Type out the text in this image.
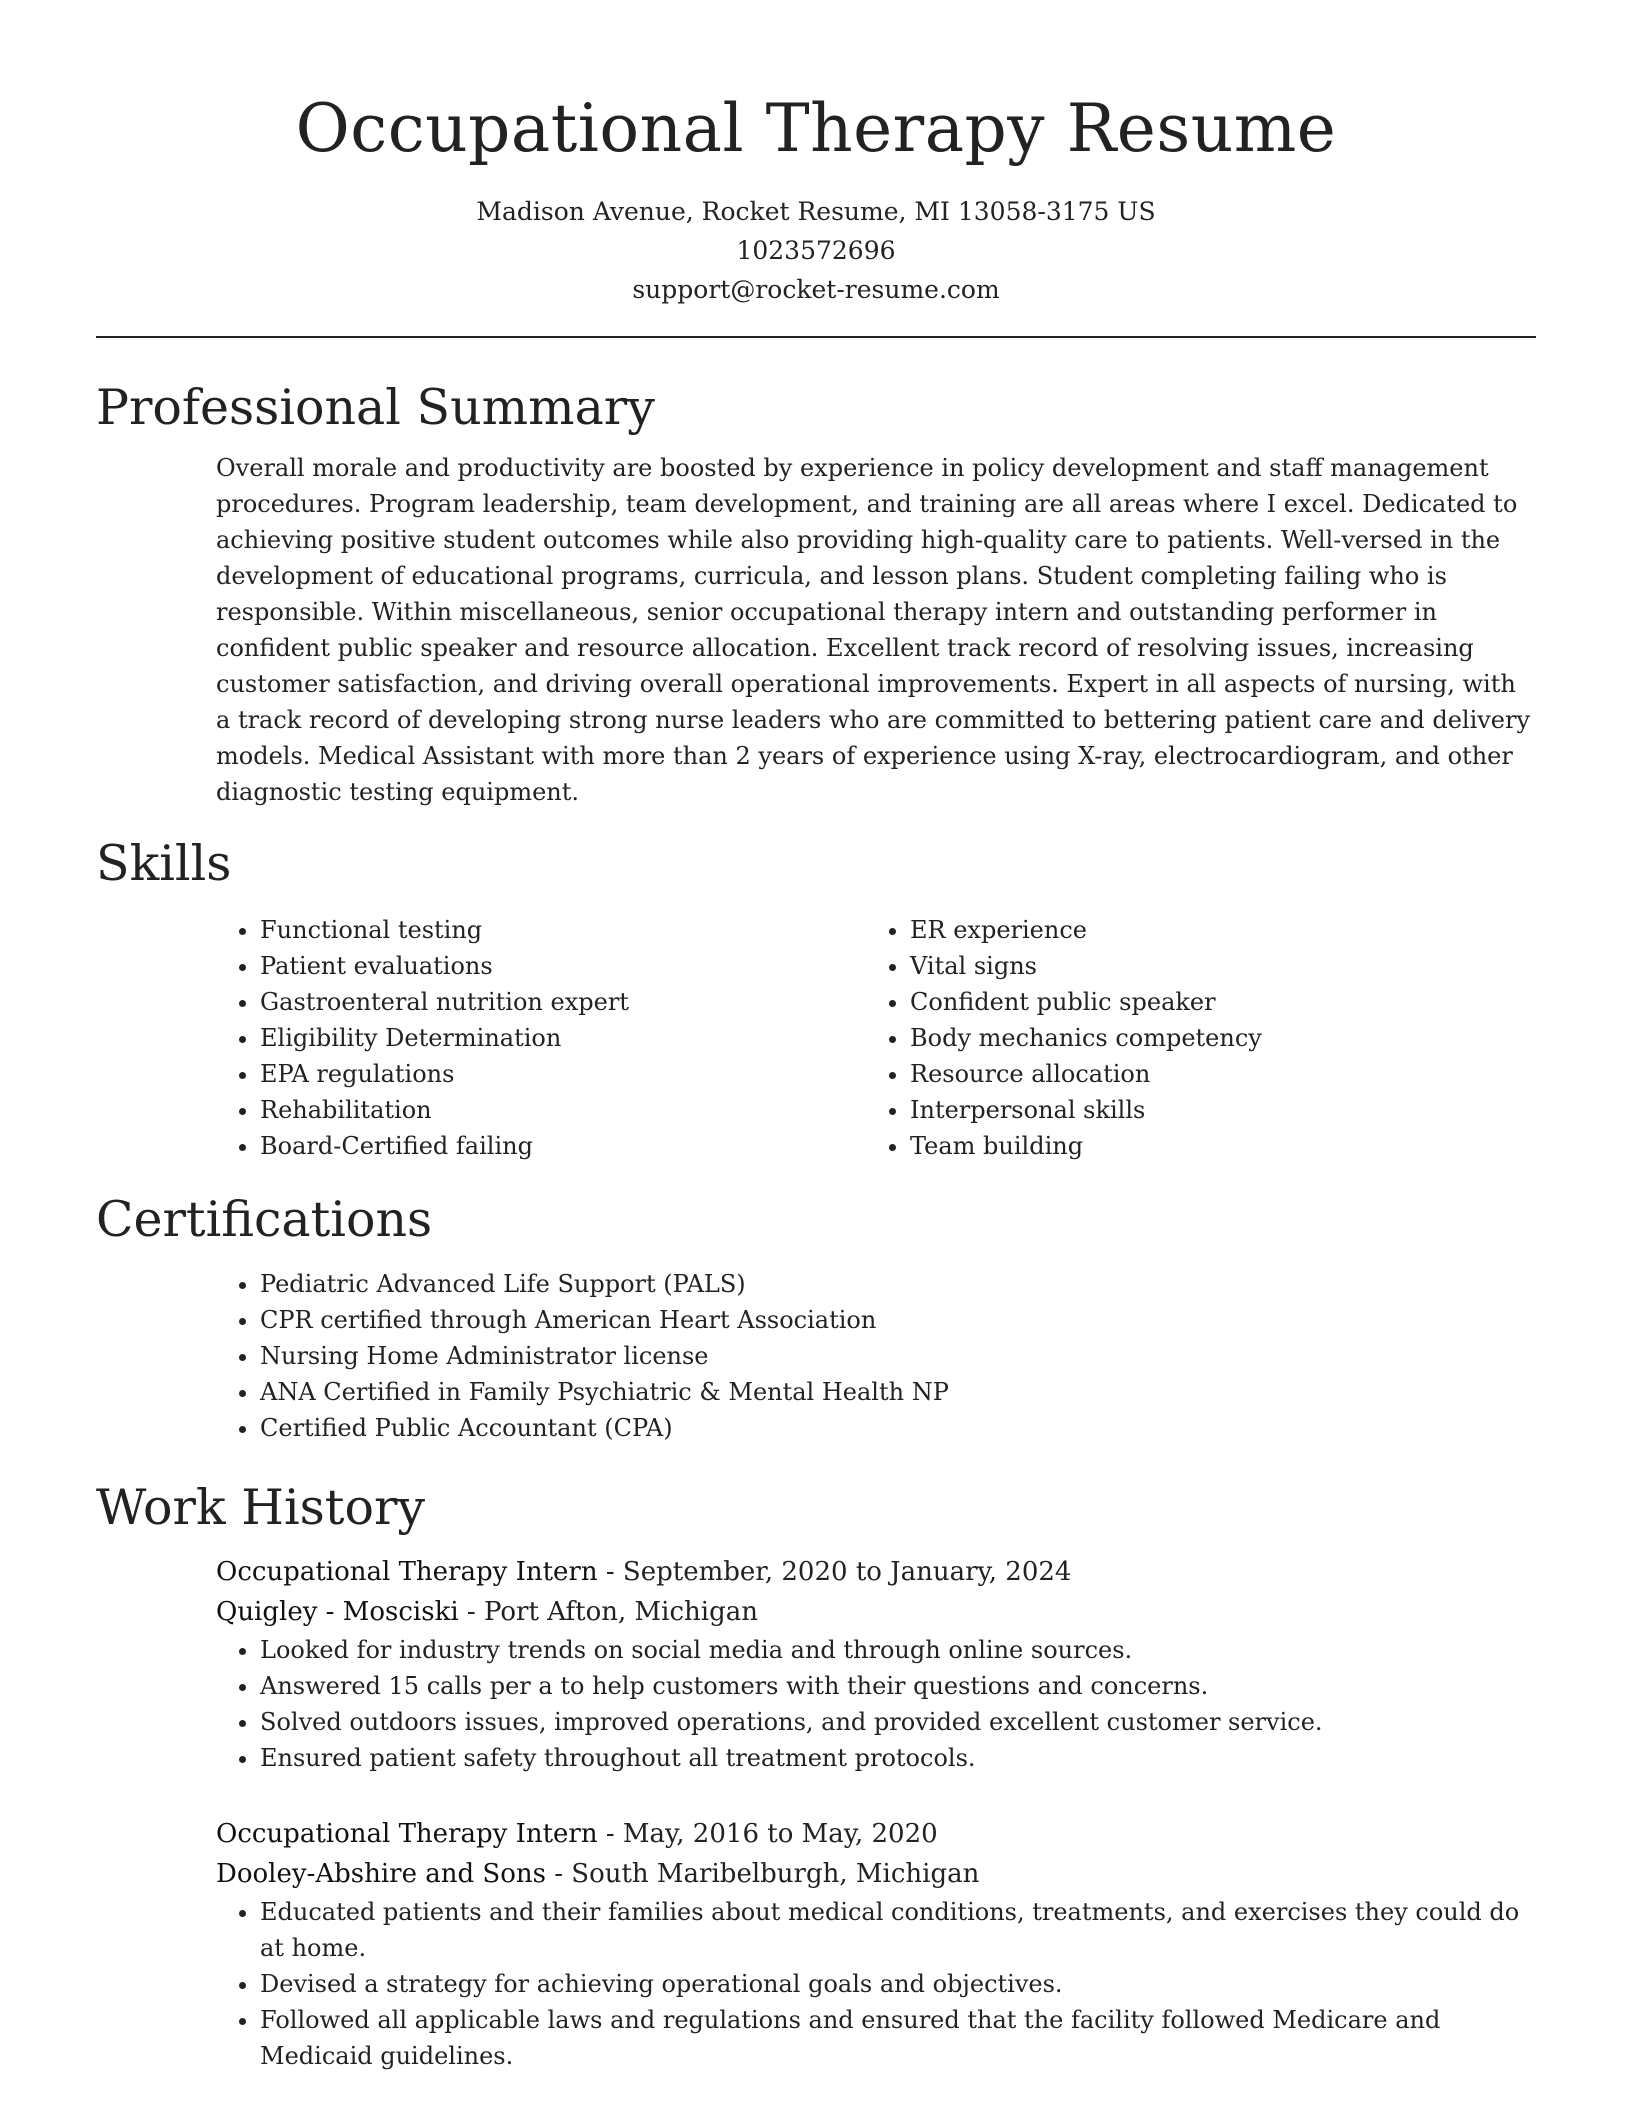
Occupational Therapy Resume

Madison Avenue, Rocket Resume, MI 13058-3175 US

1023572696

support@rocket-resume.com

Professional Summary

Overall morale and productivity are boosted by experience in policy development and staff management procedures. Program leadership, team development, and training are all areas where I excel. Dedicated to achieving positive student outcomes while also providing high-quality care to patients. Well-versed in the development of educational programs, curricula, and lesson plans. Student completing failing who is responsible. Within miscellaneous, senior occupational therapy intern and outstanding performer in confident public speaker and resource allocation. Excellent track record of resolving issues, increasing customer satisfaction, and driving overall operational improvements. Expert in all aspects of nursing, with a track record of developing strong nurse leaders who are committed to bettering patient care and delivery models. Medical Assistant with more than 2 years of experience using X-ray, electrocardiogram, and other diagnostic testing equipment.

Skills
• Functional testing
• Patient evaluations
• Gastroenteral nutrition expert
• Eligibility Determination
• EPA regulations
• Rehabilitation
• Board-Certified failing
• ER experience
• Vital signs
• Confident public speaker
• Body mechanics competency
• Resource allocation
• Interpersonal skills
• Team building
Certifications
• Pediatric Advanced Life Support (PALS)
• CPR certified through American Heart Association
• Nursing Home Administrator license
• ANA Certified in Family Psychiatric & Mental Health NP
• Certified Public Accountant (CPA)
Work History

Occupational Therapy Intern - September, 2020 to January, 2024

Quigley - Mosciski - Port Afton, Michigan

• Looked for industry trends on social media and through online sources.
• Answered 15 calls per a to help customers with their questions and concerns.
• Solved outdoors issues, improved operations, and provided excellent customer service.
• Ensured patient safety throughout all treatment protocols.

Occupational Therapy Intern - May, 2016 to May, 2020

Dooley-Abshire and Sons - South Maribelburgh, Michigan

• Educated patients and their families about medical conditions, treatments, and exercises they could do at home.
• Devised a strategy for achieving operational goals and objectives.
• Followed all applicable laws and regulations and ensured that the facility followed Medicare and Medicaid guidelines.
